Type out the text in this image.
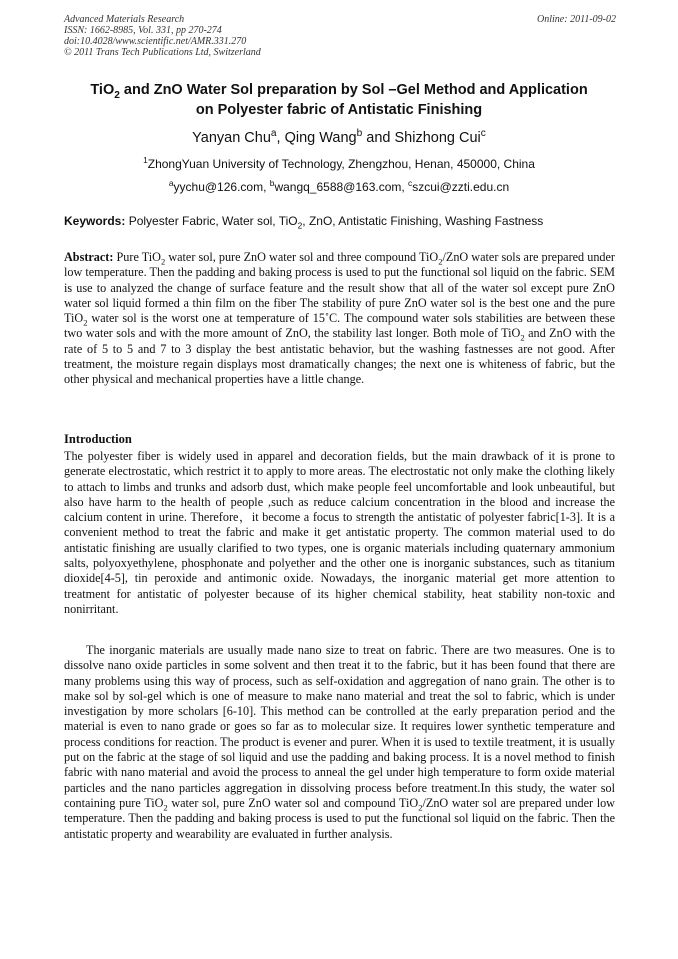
Advanced Materials Research
ISSN: 1662-8985, Vol. 331, pp 270-274
doi:10.4028/www.scientific.net/AMR.331.270
© 2011 Trans Tech Publications Ltd, Switzerland
Online: 2011-09-02
TiO$_2$ and ZnO Water Sol preparation by Sol –Gel Method and Application
on Polyester fabric of Antistatic Finishing
Yanyan Chu$^a$, Qing Wang$^b$ and Shizhong Cui$^c$
$^1$ZhongYuan University of Technology, Zhengzhou, Henan, 450000, China
$^a$yychu@126.com, $^b$wangq_6588@163.com, $^c$szcui@zzti.edu.cn
Keywords: Polyester Fabric, Water sol, TiO$_2$, ZnO, Antistatic Finishing, Washing Fastness
Abstract: Pure TiO$_2$ water sol, pure ZnO water sol and three compound TiO$_2$/ZnO water sols are prepared under low temperature. Then the padding and baking process is used to put the functional sol liquid on the fabric. SEM is use to analyzed the change of surface feature and the result show that all of the water sol except pure ZnO water sol liquid formed a thin film on the fiber The stability of pure ZnO water sol is the best one and the pure TiO$_2$ water sol is the worst one at temperature of 15˚C. The compound water sols stabilities are between these two water sols and with the more amount of ZnO, the stability last longer. Both mole of TiO$_2$ and ZnO with the rate of 5 to 5 and 7 to 3 display the best antistatic behavior, but the washing fastnesses are not good. After treatment, the moisture regain displays most dramatically changes; the next one is whiteness of fabric, but the other physical and mechanical properties have a little change.
Introduction
The polyester fiber is widely used in apparel and decoration fields, but the main drawback of it is prone to generate electrostatic, which restrict it to apply to more areas. The electrostatic not only make the clothing likely to attach to limbs and trunks and adsorb dust, which make people feel uncomfortable and look unbeautiful, but also have harm to the health of people ,such as reduce calcium concentration in the blood and increase the calcium content in urine. Therefore，it become a focus to strength the antistatic of polyester fabric[1-3]. It is a convenient method to treat the fabric and make it get antistatic property. The common material used to do antistatic finishing are usually clarified to two types, one is organic materials including quaternary ammonium salts, polyoxyethylene, phosphonate and polyether and the other one is inorganic substances, such as titanium dioxide[4-5], tin peroxide and antimonic oxide. Nowadays, the inorganic material get more attention to treatment for antistatic of polyester because of its higher chemical stability, heat stability non-toxic and nonirritant.
The inorganic materials are usually made nano size to treat on fabric. There are two measures. One is to dissolve nano oxide particles in some solvent and then treat it to the fabric, but it has been found that there are many problems using this way of process, such as self-oxidation and aggregation of nano grain. The other is to make sol by sol-gel which is one of measure to make nano material and treat the sol to fabric, which is under investigation by more scholars [6-10]. This method can be controlled at the early preparation period and the material is even to nano grade or goes so far as to molecular size. It requires lower synthetic temperature and process conditions for reaction. The product is evener and purer. When it is used to textile treatment, it is usually put on the fabric at the stage of sol liquid and use the padding and baking process. It is a novel method to finish fabric with nano material and avoid the process to anneal the gel under high temperature to form oxide material particles and the nano particles aggregation in dissolving process before treatment.In this study, the water sol containing pure TiO$_2$ water sol, pure ZnO water sol and compound TiO$_2$/ZnO water sol are prepared under low temperature. Then the padding and baking process is used to put the functional sol liquid on the fabric. Then the antistatic property and wearability are evaluated in further analysis.
